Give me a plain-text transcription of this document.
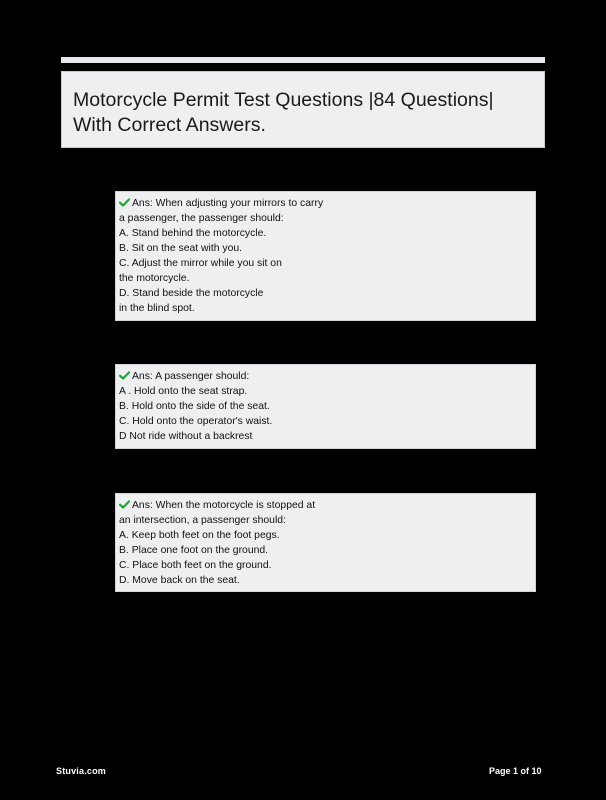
Motorcycle Permit Test Questions |84 Questions|
With Correct Answers.
Ans: When adjusting your mirrors to carry
a passenger, the passenger should:
A. Stand behind the motorcycle.
B. Sit on the seat with you.
C. Adjust the mirror while you sit on
the motorcycle.
D. Stand beside the motorcycle
in the blind spot.
Ans: A passenger should:
A . Hold onto the seat strap.
B. Hold onto the side of the seat.
C. Hold onto the operator's waist.
D Not ride without a backrest
Ans: When the motorcycle is stopped at
an intersection, a passenger should:
A. Keep both feet on the foot pegs.
B. Place one foot on the ground.
C. Place both feet on the ground.
D. Move back on the seat.
Stuvia.com	Page 1 of 10
